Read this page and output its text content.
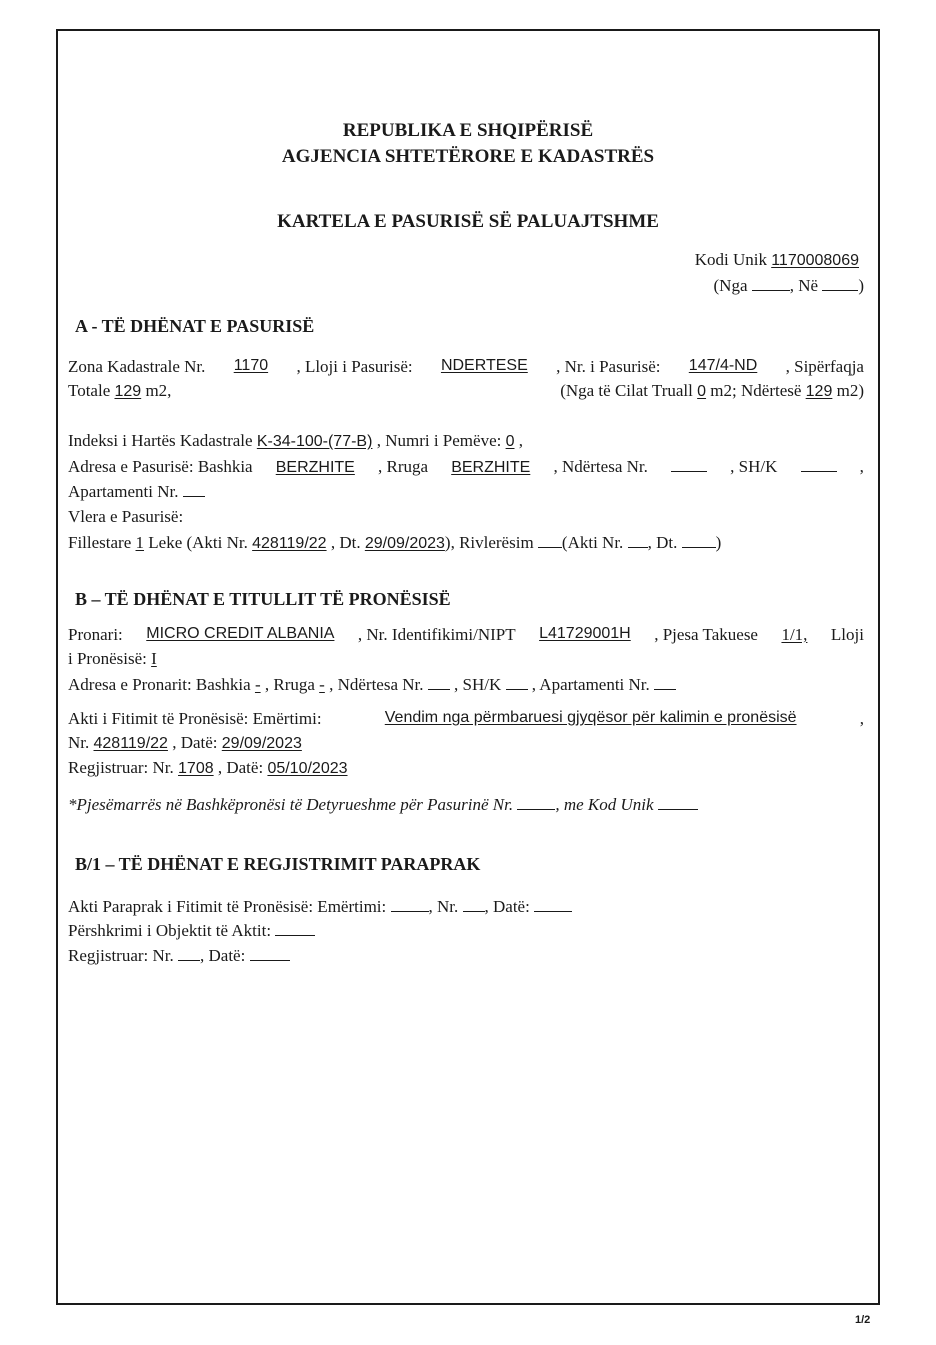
REPUBLIKA E SHQIPËRISË
AGJENCIA SHTETËRORE E KADASTRËS
KARTELA E PASURISË SË PALUAJTSHME
Kodi Unik 1170008069
(Nga , Në )
A - TË DHËNAT E PASURISË
Zona Kadastrale Nr. 1170 , Lloji i Pasurisë: NDERTESE , Nr. i Pasurisë: 147/4-ND , Sipërfaqja
Totale 129 m2,	(Nga të Cilat Truall 0 m2; Ndërtesë 129 m2)
Indeksi i Hartës Kadastrale K-34-100-(77-B) , Numri i Pemëve: 0 ,
Adresa e Pasurisë: Bashkia BERZHITE , Rruga BERZHITE , Ndërtesa Nr.	, SH/K	,
Apartamenti Nr.
Vlera e Pasurisë:
Fillestare 1 Leke (Akti Nr. 428119/22 , Dt. 29/09/2023), Rivlerësim (Akti Nr. , Dt. )
B – TË DHËNAT E TITULLIT TË PRONËSISË
Pronari: MICRO CREDIT ALBANIA , Nr. Identifikimi/NIPT L41729001H , Pjesa Takuese 1/1, Lloji
i Pronësisë: I
Adresa e Pronarit: Bashkia - , Rruga - , Ndërtesa Nr. , SH/K , Apartamenti Nr.
Akti i Fitimit të Pronësisë: Emërtimi:	Vendim nga përmbaruesi gjyqësor për kalimin e pronësisë	,
Nr. 428119/22 , Datë: 29/09/2023
Regjistruar: Nr. 1708 , Datë: 05/10/2023
*Pjesëmarrës në Bashkëpronësi të Detyrueshme për Pasurinë Nr. , me Kod Unik
B/1 – TË DHËNAT E REGJISTRIMIT PARAPRAK
Akti Paraprak i Fitimit të Pronësisë: Emërtimi: , Nr. , Datë:
Përshkrimi i Objektit të Aktit:
Regjistruar: Nr. , Datë:
1/2
